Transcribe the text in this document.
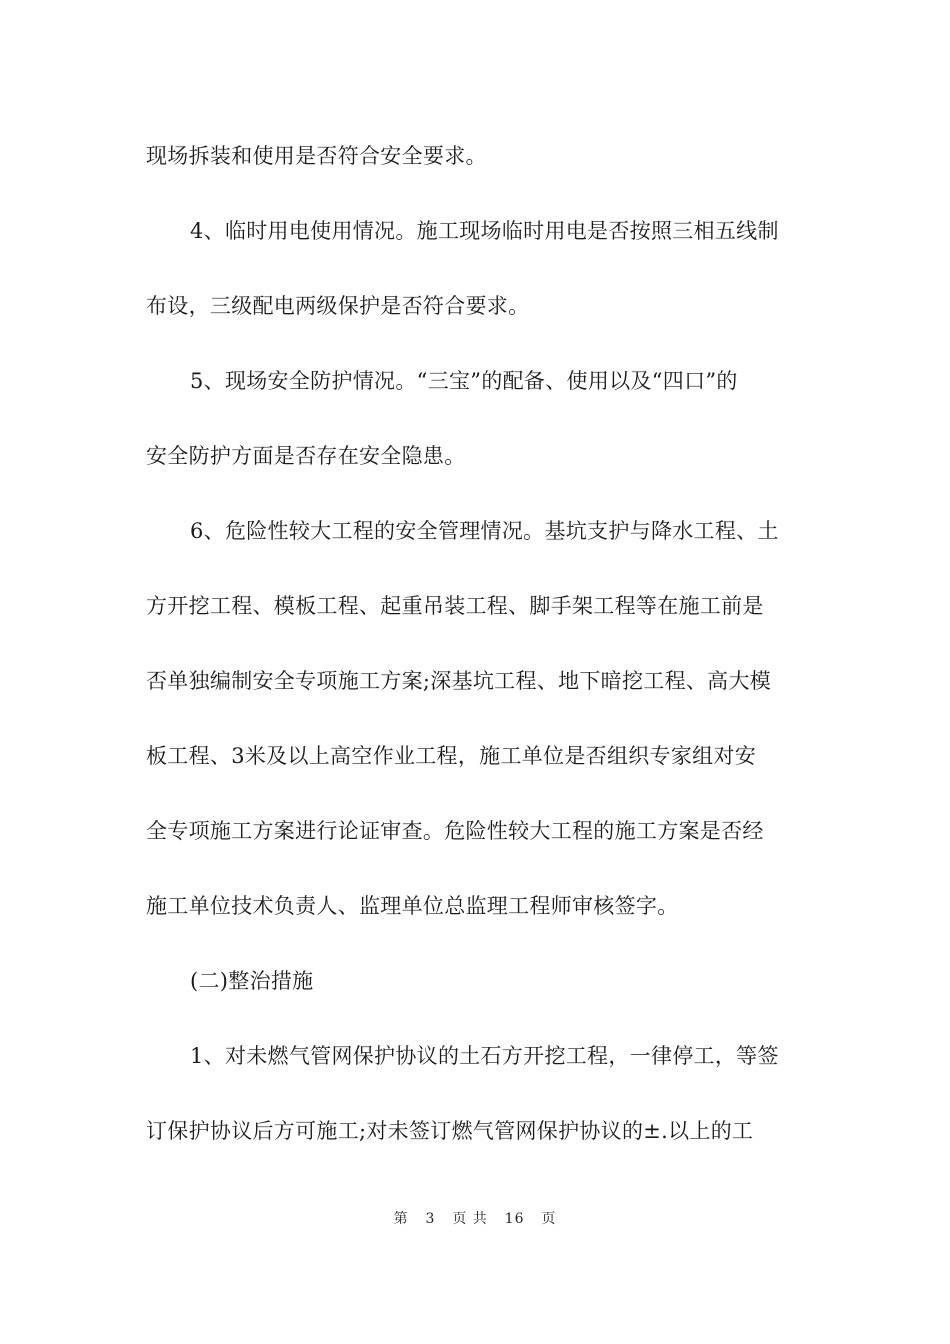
现场拆装和使用是否符合安全要求。
4、临时用电使用情况。施工现场临时用电是否按照三相五线制
布设，三级配电两级保护是否符合要求。
5、现场安全防护情况。“三宝”的配备、使用以及“四口”的
安全防护方面是否存在安全隐患。
6、危险性较大工程的安全管理情况。基坑支护与降水工程、土
方开挖工程、模板工程、起重吊装工程、脚手架工程等在施工前是
否单独编制安全专项施工方案;深基坑工程、地下暗挖工程、高大模
板工程、3米及以上高空作业工程，施工单位是否组织专家组对安
全专项施工方案进行论证审查。危险性较大工程的施工方案是否经
施工单位技术负责人、监理单位总监理工程师审核签字。
(二)整治措施
1、对未燃气管网保护协议的土石方开挖工程，一律停工，等签
订保护协议后方可施工;对未签订燃气管网保护协议的±.以上的工
第 3 页 共 16 页
